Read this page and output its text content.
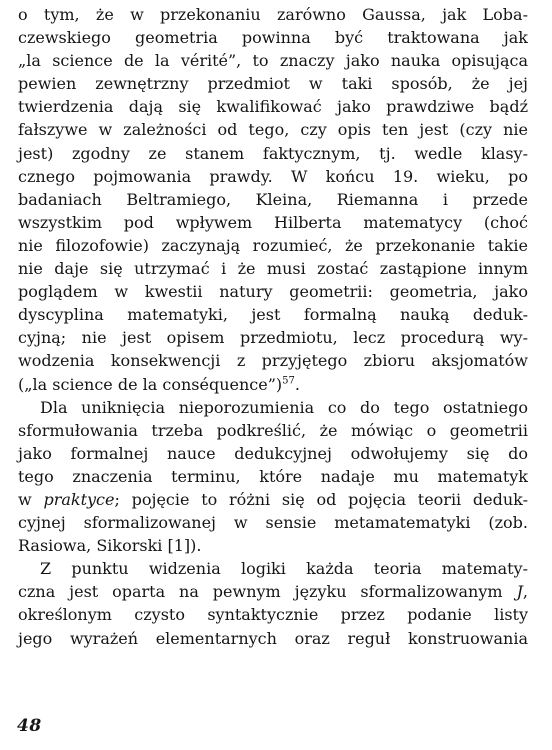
o tym, że w przekonaniu zarówno Gaussa, jak Loba-
czewskiego geometria powinna być traktowana jak
„la science de la vérité”, to znaczy jako nauka opisująca
pewien zewnętrzny przedmiot w taki sposób, że jej
twierdzenia dają się kwalifikować jako prawdziwe bądź
fałszywe w zależności od tego, czy opis ten jest (czy nie
jest) zgodny ze stanem faktycznym, tj. wedle klasy-
cznego pojmowania prawdy. W końcu 19. wieku, po
badaniach Beltramiego, Kleina, Riemanna i przede
wszystkim pod wpływem Hilberta matematycy (choć
nie filozofowie) zaczynają rozumieć, że przekonanie takie
nie daje się utrzymać i że musi zostać zastąpione innym
poglądem w kwestii natury geometrii: geometria, jako
dyscyplina matematyki, jest formalną nauką deduk-
cyjną; nie jest opisem przedmiotu, lecz procedurą wy-
wodzenia konsekwencji z przyjętego zbioru aksjomatów
(„la science de la conséquence”)$^{57}$.

Dla uniknięcia nieporozumienia co do tego ostatniego
sformułowania trzeba podkreślić, że mówiąc o geometrii
jako formalnej nauce dedukcyjnej odwołujemy się do
tego znaczenia terminu, które nadaje mu matematyk
w praktyce; pojęcie to różni się od pojęcia teorii deduk-
cyjnej sformalizowanej w sensie metamatematyki (zob.
Rasiowa, Sikorski [1]).

Z punktu widzenia logiki każda teoria matematy-
cznа jest oparta na pewnym języku sformalizowanym J,
określonym czysto syntaktycznie przez podanie listy
jego wyrażeń elementarnych oraz reguł konstruowania

48
